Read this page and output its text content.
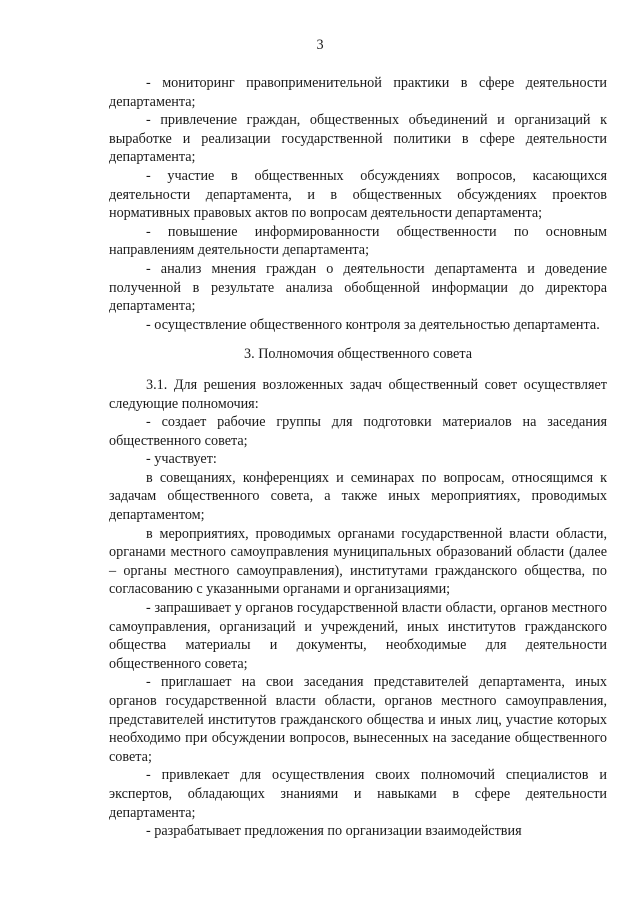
3

- мониторинг правоприменительной практики в сфере деятельности департамента;

- привлечение граждан, общественных объединений и организаций к выработке и реализации государственной политики в сфере деятельности департамента;

- участие в общественных обсуждениях вопросов, касающихся деятельности департамента, и в общественных обсуждениях проектов нормативных правовых актов по вопросам деятельности департамента;

- повышение информированности общественности по основным направлениям деятельности департамента;

- анализ мнения граждан о деятельности департамента и доведение полученной в результате анализа обобщенной информации до директора департамента;

- осуществление общественного контроля за деятельностью департамента.

3. Полномочия общественного совета

3.1. Для решения возложенных задач общественный совет осуществляет следующие полномочия:

- создает рабочие группы для подготовки материалов на заседания общественного совета;

- участвует:

в совещаниях, конференциях и семинарах по вопросам, относящимся к задачам общественного совета, а также иных мероприятиях, проводимых департаментом;

в мероприятиях, проводимых органами государственной власти области, органами местного самоуправления муниципальных образований области (далее – органы местного самоуправления), институтами гражданского общества, по согласованию с указанными органами и организациями;

- запрашивает у органов государственной власти области, органов местного самоуправления, организаций и учреждений, иных институтов гражданского общества материалы и документы, необходимые для деятельности общественного совета;

- приглашает на свои заседания представителей департамента, иных органов государственной власти области, органов местного самоуправления, представителей институтов гражданского общества и иных лиц, участие которых необходимо при обсуждении вопросов, вынесенных на заседание общественного совета;

- привлекает для осуществления своих полномочий специалистов и экспертов, обладающих знаниями и навыками в сфере деятельности департамента;

- разрабатывает предложения по организации взаимодействия
